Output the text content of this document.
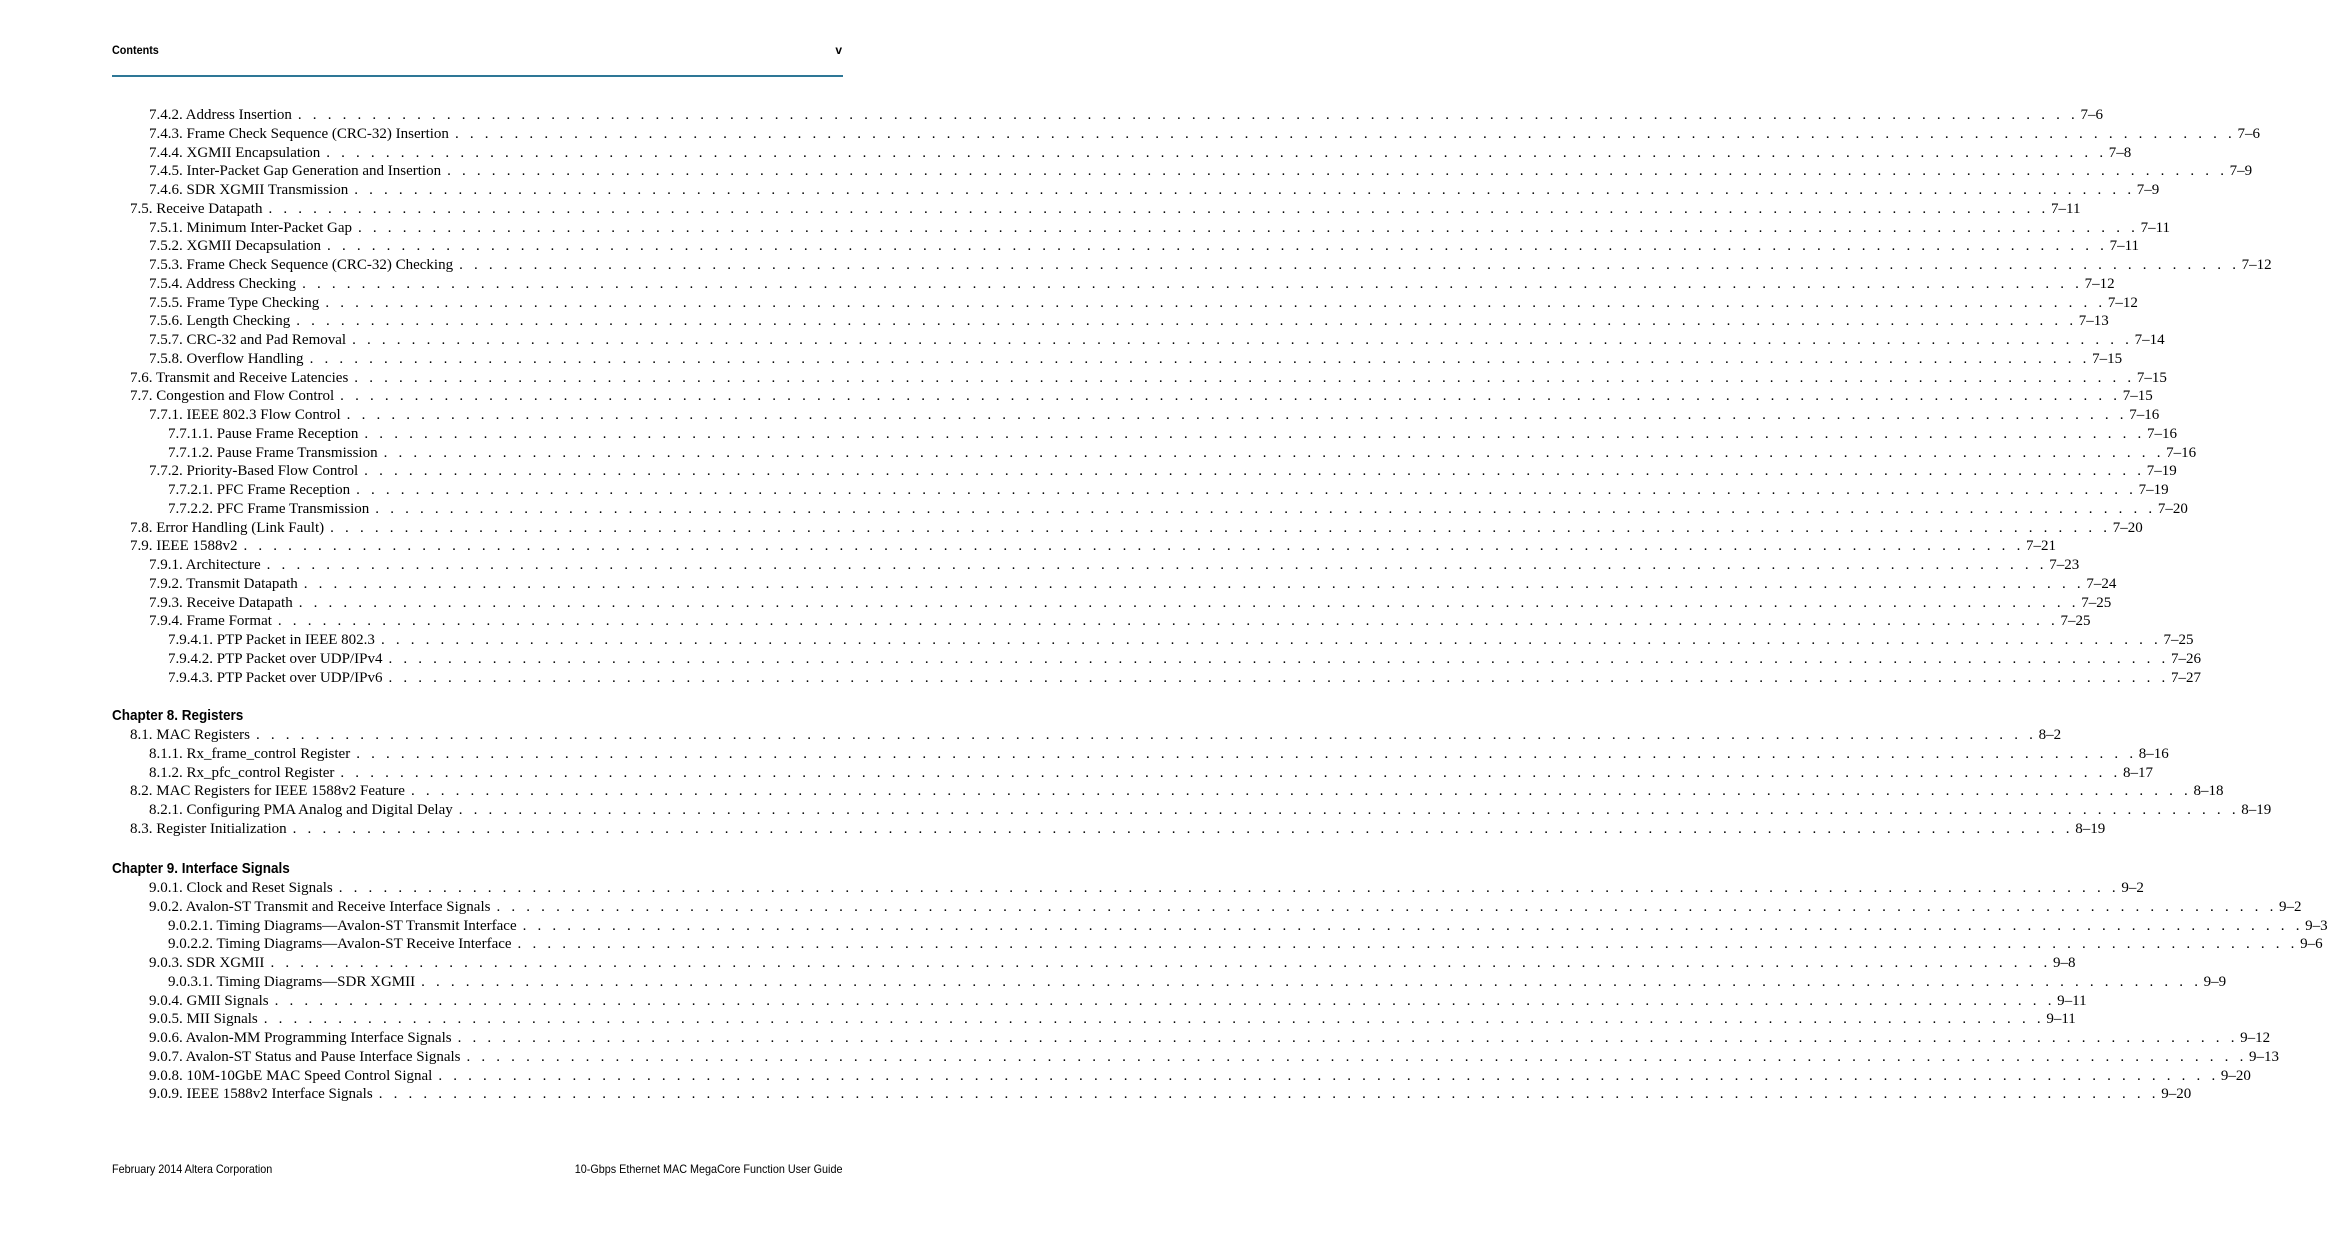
Contents	v
7.4.2. Address Insertion . . . . . . . . . . . . . . . . . . . . . . . . . . . . . . . . . . . . . . . . . . . . . . . . . . . . . . . . . . . . . . . . . . . . . . . . . . . . . . . . . . . . . . . . . . . . . . . . . . . . . . . . . . . . . . . . . . . . . . . . 7–6
7.4.3. Frame Check Sequence (CRC-32) Insertion . . . . . . . . . . . . . . . . . . . . . . . . . . . . . . . . . . . . . . . . . . . . . . . . . . . . . . . . . . . . . . . . . . . . . . . . . . . . . . . . . . . . . . . . . . . . . . . . . . . . . . . . . . . . . . . . . . . . . . . . 7–6
7.4.4. XGMII Encapsulation . . . . . . . . . . . . . . . . . . . . . . . . . . . . . . . . . . . . . . . . . . . . . . . . . . . . . . . . . . . . . . . . . . . . . . . . . . . . . . . . . . . . . . . . . . . . . . . . . . . . . . . . . . . . . . . . . . . . . . . . 7–8
7.4.5. Inter-Packet Gap Generation and Insertion . . . . . . . . . . . . . . . . . . . . . . . . . . . . . . . . . . . . . . . . . . . . . . . . . . . . . . . . . . . . . . . . . . . . . . . . . . . . . . . . . . . . . . . . . . . . . . . . . . . . . . . . . . . . . . . . . . . . . . . . 7–9
7.4.6. SDR XGMII Transmission . . . . . . . . . . . . . . . . . . . . . . . . . . . . . . . . . . . . . . . . . . . . . . . . . . . . . . . . . . . . . . . . . . . . . . . . . . . . . . . . . . . . . . . . . . . . . . . . . . . . . . . . . . . . . . . . . . . . . . . . 7–9
7.5. Receive Datapath . . . . . . . . . . . . . . . . . . . . . . . . . . . . . . . . . . . . . . . . . . . . . . . . . . . . . . . . . . . . . . . . . . . . . . . . . . . . . . . . . . . . . . . . . . . . . . . . . . . . . . . . . . . . . . . . . . . . . . . . 7–11
7.5.1. Minimum Inter-Packet Gap . . . . . . . . . . . . . . . . . . . . . . . . . . . . . . . . . . . . . . . . . . . . . . . . . . . . . . . . . . . . . . . . . . . . . . . . . . . . . . . . . . . . . . . . . . . . . . . . . . . . . . . . . . . . . . . . . . . . . . . . 7–11
7.5.2. XGMII Decapsulation . . . . . . . . . . . . . . . . . . . . . . . . . . . . . . . . . . . . . . . . . . . . . . . . . . . . . . . . . . . . . . . . . . . . . . . . . . . . . . . . . . . . . . . . . . . . . . . . . . . . . . . . . . . . . . . . . . . . . . . . 7–11
7.5.3. Frame Check Sequence (CRC-32) Checking . . . . . . . . . . . . . . . . . . . . . . . . . . . . . . . . . . . . . . . . . . . . . . . . . . . . . . . . . . . . . . . . . . . . . . . . . . . . . . . . . . . . . . . . . . . . . . . . . . . . . . . . . . . . . . . . . . . . . . . . 7–12
7.5.4. Address Checking . . . . . . . . . . . . . . . . . . . . . . . . . . . . . . . . . . . . . . . . . . . . . . . . . . . . . . . . . . . . . . . . . . . . . . . . . . . . . . . . . . . . . . . . . . . . . . . . . . . . . . . . . . . . . . . . . . . . . . . . 7–12
7.5.5. Frame Type Checking . . . . . . . . . . . . . . . . . . . . . . . . . . . . . . . . . . . . . . . . . . . . . . . . . . . . . . . . . . . . . . . . . . . . . . . . . . . . . . . . . . . . . . . . . . . . . . . . . . . . . . . . . . . . . . . . . . . . . . . . 7–12
7.5.6. Length Checking . . . . . . . . . . . . . . . . . . . . . . . . . . . . . . . . . . . . . . . . . . . . . . . . . . . . . . . . . . . . . . . . . . . . . . . . . . . . . . . . . . . . . . . . . . . . . . . . . . . . . . . . . . . . . . . . . . . . . . . . 7–13
7.5.7. CRC-32 and Pad Removal . . . . . . . . . . . . . . . . . . . . . . . . . . . . . . . . . . . . . . . . . . . . . . . . . . . . . . . . . . . . . . . . . . . . . . . . . . . . . . . . . . . . . . . . . . . . . . . . . . . . . . . . . . . . . . . . . . . . . . . . 7–14
7.5.8. Overflow Handling . . . . . . . . . . . . . . . . . . . . . . . . . . . . . . . . . . . . . . . . . . . . . . . . . . . . . . . . . . . . . . . . . . . . . . . . . . . . . . . . . . . . . . . . . . . . . . . . . . . . . . . . . . . . . . . . . . . . . . . . 7–15
7.6. Transmit and Receive Latencies . . . . . . . . . . . . . . . . . . . . . . . . . . . . . . . . . . . . . . . . . . . . . . . . . . . . . . . . . . . . . . . . . . . . . . . . . . . . . . . . . . . . . . . . . . . . . . . . . . . . . . . . . . . . . . . . . . . . . . . . 7–15
7.7. Congestion and Flow Control . . . . . . . . . . . . . . . . . . . . . . . . . . . . . . . . . . . . . . . . . . . . . . . . . . . . . . . . . . . . . . . . . . . . . . . . . . . . . . . . . . . . . . . . . . . . . . . . . . . . . . . . . . . . . . . . . . . . . . . . 7–15
7.7.1. IEEE 802.3 Flow Control . . . . . . . . . . . . . . . . . . . . . . . . . . . . . . . . . . . . . . . . . . . . . . . . . . . . . . . . . . . . . . . . . . . . . . . . . . . . . . . . . . . . . . . . . . . . . . . . . . . . . . . . . . . . . . . . . . . . . . . . 7–16
7.7.1.1. Pause Frame Reception . . . . . . . . . . . . . . . . . . . . . . . . . . . . . . . . . . . . . . . . . . . . . . . . . . . . . . . . . . . . . . . . . . . . . . . . . . . . . . . . . . . . . . . . . . . . . . . . . . . . . . . . . . . . . . . . . . . . . . . . 7–16
7.7.1.2. Pause Frame Transmission . . . . . . . . . . . . . . . . . . . . . . . . . . . . . . . . . . . . . . . . . . . . . . . . . . . . . . . . . . . . . . . . . . . . . . . . . . . . . . . . . . . . . . . . . . . . . . . . . . . . . . . . . . . . . . . . . . . . . . . . 7–16
7.7.2. Priority-Based Flow Control . . . . . . . . . . . . . . . . . . . . . . . . . . . . . . . . . . . . . . . . . . . . . . . . . . . . . . . . . . . . . . . . . . . . . . . . . . . . . . . . . . . . . . . . . . . . . . . . . . . . . . . . . . . . . . . . . . . . . . . . 7–19
7.7.2.1. PFC Frame Reception . . . . . . . . . . . . . . . . . . . . . . . . . . . . . . . . . . . . . . . . . . . . . . . . . . . . . . . . . . . . . . . . . . . . . . . . . . . . . . . . . . . . . . . . . . . . . . . . . . . . . . . . . . . . . . . . . . . . . . . . 7–19
7.7.2.2. PFC Frame Transmission . . . . . . . . . . . . . . . . . . . . . . . . . . . . . . . . . . . . . . . . . . . . . . . . . . . . . . . . . . . . . . . . . . . . . . . . . . . . . . . . . . . . . . . . . . . . . . . . . . . . . . . . . . . . . . . . . . . . . . . . 7–20
7.8. Error Handling (Link Fault) . . . . . . . . . . . . . . . . . . . . . . . . . . . . . . . . . . . . . . . . . . . . . . . . . . . . . . . . . . . . . . . . . . . . . . . . . . . . . . . . . . . . . . . . . . . . . . . . . . . . . . . . . . . . . . . . . . . . . . . . 7–20
7.9. IEEE 1588v2 . . . . . . . . . . . . . . . . . . . . . . . . . . . . . . . . . . . . . . . . . . . . . . . . . . . . . . . . . . . . . . . . . . . . . . . . . . . . . . . . . . . . . . . . . . . . . . . . . . . . . . . . . . . . . . . . . . . . . . . . 7–21
7.9.1. Architecture . . . . . . . . . . . . . . . . . . . . . . . . . . . . . . . . . . . . . . . . . . . . . . . . . . . . . . . . . . . . . . . . . . . . . . . . . . . . . . . . . . . . . . . . . . . . . . . . . . . . . . . . . . . . . . . . . . . . . . . . 7–23
7.9.2. Transmit Datapath . . . . . . . . . . . . . . . . . . . . . . . . . . . . . . . . . . . . . . . . . . . . . . . . . . . . . . . . . . . . . . . . . . . . . . . . . . . . . . . . . . . . . . . . . . . . . . . . . . . . . . . . . . . . . . . . . . . . . . . . 7–24
7.9.3. Receive Datapath . . . . . . . . . . . . . . . . . . . . . . . . . . . . . . . . . . . . . . . . . . . . . . . . . . . . . . . . . . . . . . . . . . . . . . . . . . . . . . . . . . . . . . . . . . . . . . . . . . . . . . . . . . . . . . . . . . . . . . . . 7–25
7.9.4. Frame Format . . . . . . . . . . . . . . . . . . . . . . . . . . . . . . . . . . . . . . . . . . . . . . . . . . . . . . . . . . . . . . . . . . . . . . . . . . . . . . . . . . . . . . . . . . . . . . . . . . . . . . . . . . . . . . . . . . . . . . . . 7–25
7.9.4.1. PTP Packet in IEEE 802.3 . . . . . . . . . . . . . . . . . . . . . . . . . . . . . . . . . . . . . . . . . . . . . . . . . . . . . . . . . . . . . . . . . . . . . . . . . . . . . . . . . . . . . . . . . . . . . . . . . . . . . . . . . . . . . . . . . . . . . . . . 7–25
7.9.4.2. PTP Packet over UDP/IPv4 . . . . . . . . . . . . . . . . . . . . . . . . . . . . . . . . . . . . . . . . . . . . . . . . . . . . . . . . . . . . . . . . . . . . . . . . . . . . . . . . . . . . . . . . . . . . . . . . . . . . . . . . . . . . . . . . . . . . . . . . 7–26
7.9.4.3. PTP Packet over UDP/IPv6 . . . . . . . . . . . . . . . . . . . . . . . . . . . . . . . . . . . . . . . . . . . . . . . . . . . . . . . . . . . . . . . . . . . . . . . . . . . . . . . . . . . . . . . . . . . . . . . . . . . . . . . . . . . . . . . . . . . . . . . . 7–27
Chapter 8. Registers
8.1. MAC Registers . . . . . . . . . . . . . . . . . . . . . . . . . . . . . . . . . . . . . . . . . . . . . . . . . . . . . . . . . . . . . . . . . . . . . . . . . . . . . . . . . . . . . . . . . . . . . . . . . . . . . . . . . . . . . . . . . . . . . . . . 8–2
8.1.1. Rx_frame_control Register . . . . . . . . . . . . . . . . . . . . . . . . . . . . . . . . . . . . . . . . . . . . . . . . . . . . . . . . . . . . . . . . . . . . . . . . . . . . . . . . . . . . . . . . . . . . . . . . . . . . . . . . . . . . . . . . . . . . . . . . 8–16
8.1.2. Rx_pfc_control Register . . . . . . . . . . . . . . . . . . . . . . . . . . . . . . . . . . . . . . . . . . . . . . . . . . . . . . . . . . . . . . . . . . . . . . . . . . . . . . . . . . . . . . . . . . . . . . . . . . . . . . . . . . . . . . . . . . . . . . . . 8–17
8.2. MAC Registers for IEEE 1588v2 Feature . . . . . . . . . . . . . . . . . . . . . . . . . . . . . . . . . . . . . . . . . . . . . . . . . . . . . . . . . . . . . . . . . . . . . . . . . . . . . . . . . . . . . . . . . . . . . . . . . . . . . . . . . . . . . . . . . . . . . . . . 8–18
8.2.1. Configuring PMA Analog and Digital Delay . . . . . . . . . . . . . . . . . . . . . . . . . . . . . . . . . . . . . . . . . . . . . . . . . . . . . . . . . . . . . . . . . . . . . . . . . . . . . . . . . . . . . . . . . . . . . . . . . . . . . . . . . . . . . . . . . . . . . . . . 8–19
8.3. Register Initialization . . . . . . . . . . . . . . . . . . . . . . . . . . . . . . . . . . . . . . . . . . . . . . . . . . . . . . . . . . . . . . . . . . . . . . . . . . . . . . . . . . . . . . . . . . . . . . . . . . . . . . . . . . . . . . . . . . . . . . . . 8–19
Chapter 9. Interface Signals
9.0.1. Clock and Reset Signals . . . . . . . . . . . . . . . . . . . . . . . . . . . . . . . . . . . . . . . . . . . . . . . . . . . . . . . . . . . . . . . . . . . . . . . . . . . . . . . . . . . . . . . . . . . . . . . . . . . . . . . . . . . . . . . . . . . . . . . . 9–2
9.0.2. Avalon-ST Transmit and Receive Interface Signals . . . . . . . . . . . . . . . . . . . . . . . . . . . . . . . . . . . . . . . . . . . . . . . . . . . . . . . . . . . . . . . . . . . . . . . . . . . . . . . . . . . . . . . . . . . . . . . . . . . . . . . . . . . . . . . . . . . . . . . . 9–2
9.0.2.1. Timing Diagrams—Avalon-ST Transmit Interface . . . . . . . . . . . . . . . . . . . . . . . . . . . . . . . . . . . . . . . . . . . . . . . . . . . . . . . . . . . . . . . . . . . . . . . . . . . . . . . . . . . . . . . . . . . . . . . . . . . . . . . . . . . . . . . . . . . . . . . . 9–3
9.0.2.2. Timing Diagrams—Avalon-ST Receive Interface . . . . . . . . . . . . . . . . . . . . . . . . . . . . . . . . . . . . . . . . . . . . . . . . . . . . . . . . . . . . . . . . . . . . . . . . . . . . . . . . . . . . . . . . . . . . . . . . . . . . . . . . . . . . . . . . . . . . . . . . 9–6
9.0.3. SDR XGMII . . . . . . . . . . . . . . . . . . . . . . . . . . . . . . . . . . . . . . . . . . . . . . . . . . . . . . . . . . . . . . . . . . . . . . . . . . . . . . . . . . . . . . . . . . . . . . . . . . . . . . . . . . . . . . . . . . . . . . . . 9–8
9.0.3.1. Timing Diagrams—SDR XGMII . . . . . . . . . . . . . . . . . . . . . . . . . . . . . . . . . . . . . . . . . . . . . . . . . . . . . . . . . . . . . . . . . . . . . . . . . . . . . . . . . . . . . . . . . . . . . . . . . . . . . . . . . . . . . . . . . . . . . . . . 9–9
9.0.4. GMII Signals . . . . . . . . . . . . . . . . . . . . . . . . . . . . . . . . . . . . . . . . . . . . . . . . . . . . . . . . . . . . . . . . . . . . . . . . . . . . . . . . . . . . . . . . . . . . . . . . . . . . . . . . . . . . . . . . . . . . . . . . 9–11
9.0.5. MII Signals . . . . . . . . . . . . . . . . . . . . . . . . . . . . . . . . . . . . . . . . . . . . . . . . . . . . . . . . . . . . . . . . . . . . . . . . . . . . . . . . . . . . . . . . . . . . . . . . . . . . . . . . . . . . . . . . . . . . . . . . 9–11
9.0.6. Avalon-MM Programming Interface Signals . . . . . . . . . . . . . . . . . . . . . . . . . . . . . . . . . . . . . . . . . . . . . . . . . . . . . . . . . . . . . . . . . . . . . . . . . . . . . . . . . . . . . . . . . . . . . . . . . . . . . . . . . . . . . . . . . . . . . . . . 9–12
9.0.7. Avalon-ST Status and Pause Interface Signals . . . . . . . . . . . . . . . . . . . . . . . . . . . . . . . . . . . . . . . . . . . . . . . . . . . . . . . . . . . . . . . . . . . . . . . . . . . . . . . . . . . . . . . . . . . . . . . . . . . . . . . . . . . . . . . . . . . . . . . . 9–13
9.0.8. 10M-10GbE MAC Speed Control Signal . . . . . . . . . . . . . . . . . . . . . . . . . . . . . . . . . . . . . . . . . . . . . . . . . . . . . . . . . . . . . . . . . . . . . . . . . . . . . . . . . . . . . . . . . . . . . . . . . . . . . . . . . . . . . . . . . . . . . . . . 9–20
9.0.9. IEEE 1588v2 Interface Signals . . . . . . . . . . . . . . . . . . . . . . . . . . . . . . . . . . . . . . . . . . . . . . . . . . . . . . . . . . . . . . . . . . . . . . . . . . . . . . . . . . . . . . . . . . . . . . . . . . . . . . . . . . . . . . . . . . . . . . . . 9–20
February 2014 Altera Corporation	10-Gbps Ethernet MAC MegaCore Function User Guide
